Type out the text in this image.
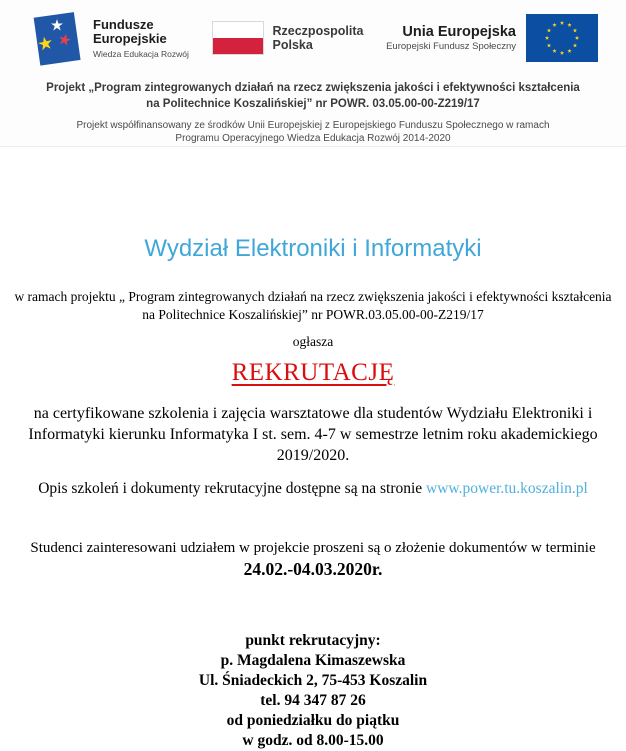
Fundusze
Europejskie
Wiedza Edukacja Rozwój
Rzeczpospolita
Polska
Unia Europejska
Europejski Fundusz Społeczny
Projekt „Program zintegrowanych działań na rzecz zwiększenia jakości i efektywności kształcenia
na Politechnice Koszalińskiej” nr POWR. 03.05.00-00-Z219/17
Projekt współfinansowany ze środków Unii Europejskiej z Europejskiego Funduszu Społecznego w ramach
Programu Operacyjnego Wiedza Edukacja Rozwój 2014-2020
Wydział Elektroniki i Informatyki
w ramach projektu „ Program zintegrowanych działań na rzecz zwiększenia jakości i efektywności kształcenia
na Politechnice Koszalińskiej” nr POWR.03.05.00-00-Z219/17
ogłasza
REKRUTACJĘ
na certyfikowane szkolenia i zajęcia warsztatowe dla studentów Wydziału Elektroniki i
Informatyki kierunku Informatyka I st. sem. 4-7 w semestrze letnim roku akademickiego
2019/2020.
Opis szkoleń i dokumenty rekrutacyjne dostępne są na stronie www.power.tu.koszalin.pl
Studenci zainteresowani udziałem w projekcie proszeni są o złożenie dokumentów w terminie
24.02.-04.03.2020r.
punkt rekrutacyjny:
p. Magdalena Kimaszewska
Ul. Śniadeckich 2, 75-453 Koszalin
tel. 94 347 87 26
od poniedziałku do piątku
w godz. od 8.00-15.00
